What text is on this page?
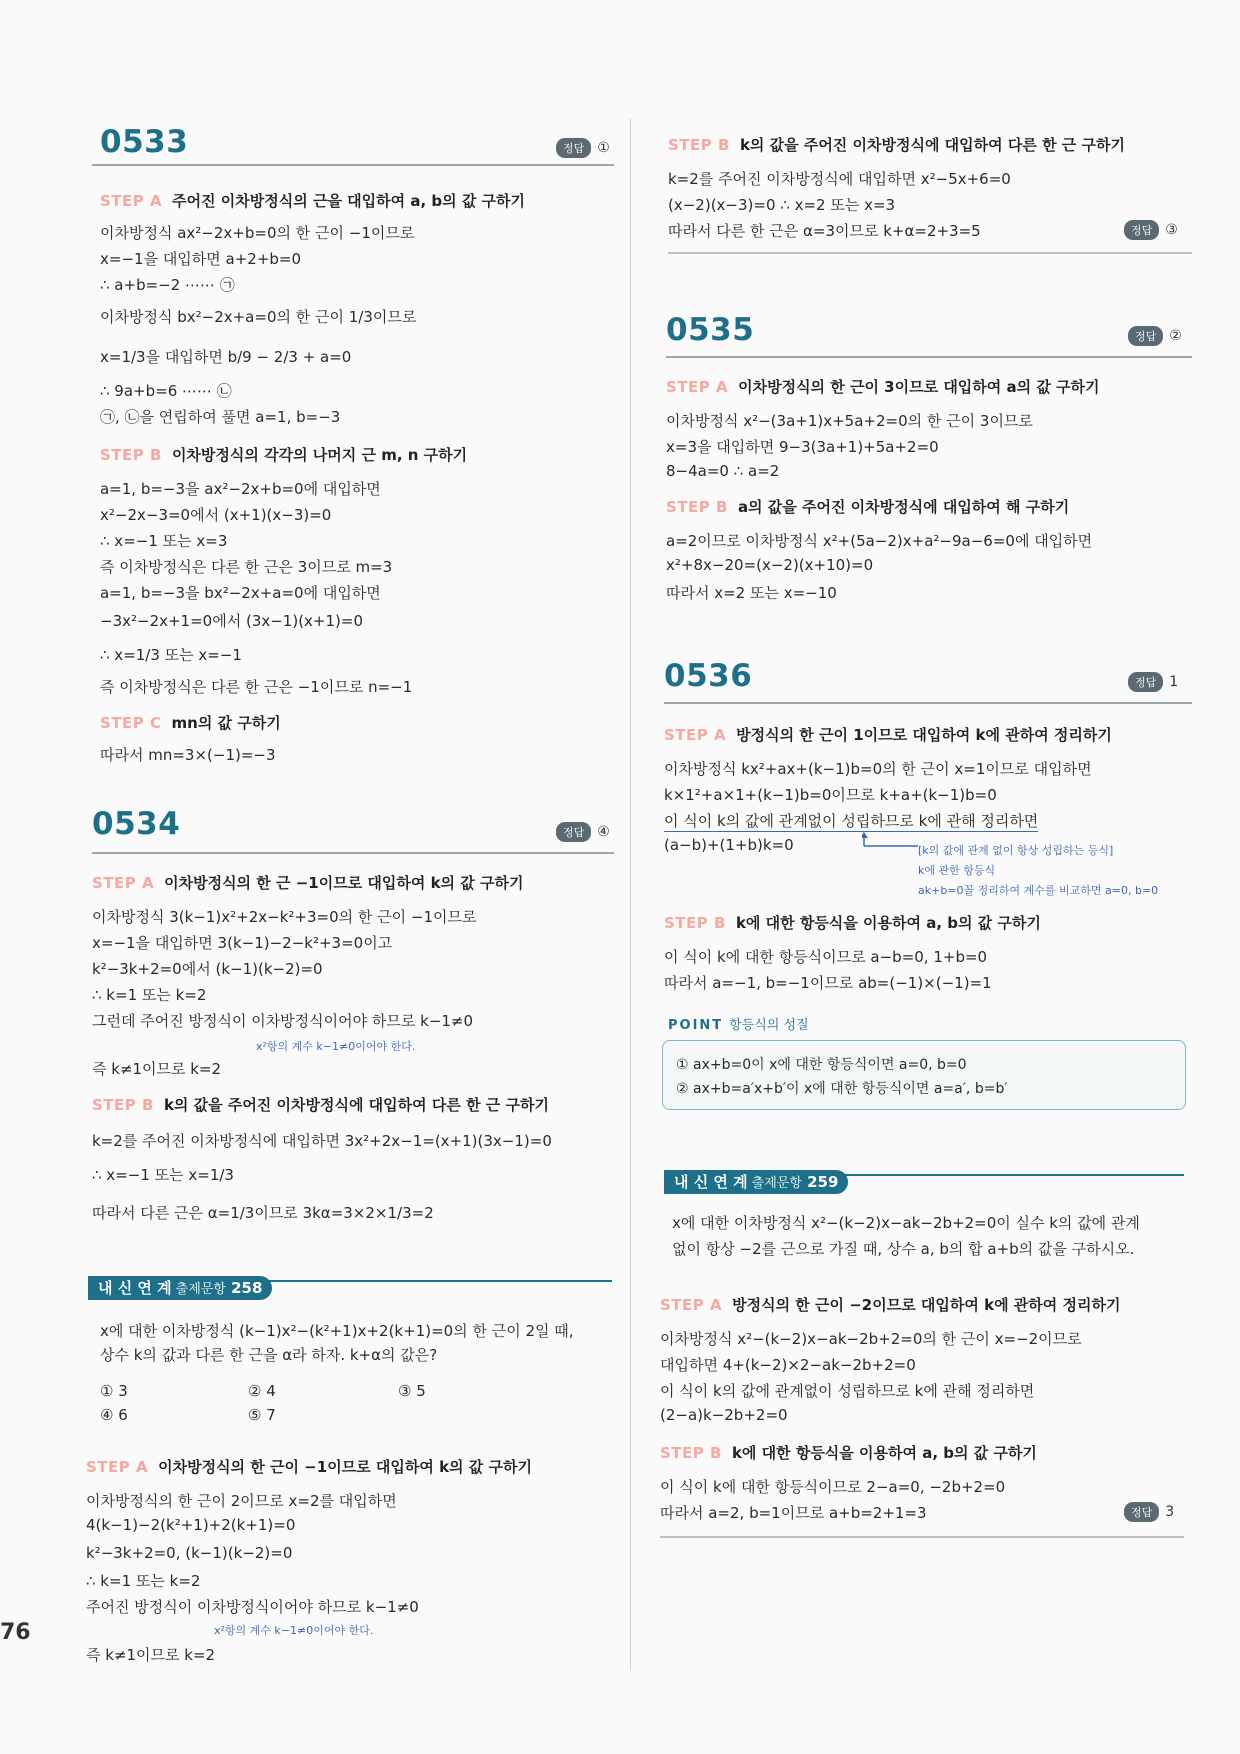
0533	정답 ①
STEP A 주어진 이차방정식의 근을 대입하여 a, b의 값 구하기
이차방정식 ax²−2x+b=0의 한 근이 −1이므로
x=−1을 대입하면 a+2+b=0
∴ a+b=−2 ⋯⋯ ㉠
이차방정식 bx²−2x+a=0의 한 근이 1/3이므로
x=1/3을 대입하면 b/9 − 2/3 + a=0
∴ 9a+b=6 ⋯⋯ ㉡
㉠, ㉡을 연립하여 풀면 a=1, b=−3
STEP B 이차방정식의 각각의 나머지 근 m, n 구하기
a=1, b=−3을 ax²−2x+b=0에 대입하면
x²−2x−3=0에서 (x+1)(x−3)=0
∴ x=−1 또는 x=3
즉 이차방정식은 다른 한 근은 3이므로 m=3
a=1, b=−3을 bx²−2x+a=0에 대입하면
−3x²−2x+1=0에서 (3x−1)(x+1)=0
∴ x=1/3 또는 x=−1
즉 이차방정식은 다른 한 근은 −1이므로 n=−1
STEP C mn의 값 구하기
따라서 mn=3×(−1)=−3
0534	정답 ④
STEP A 이차방정식의 한 근 −1이므로 대입하여 k의 값 구하기
이차방정식 3(k−1)x²+2x−k²+3=0의 한 근이 −1이므로
x=−1을 대입하면 3(k−1)−2−k²+3=0이고
k²−3k+2=0에서 (k−1)(k−2)=0
∴ k=1 또는 k=2
그런데 주어진 방정식이 이차방정식이어야 하므로 k−1≠0
x²항의 계수 k−1≠0이어야 한다.
즉 k≠1이므로 k=2
STEP B k의 값을 주어진 이차방정식에 대입하여 다른 한 근 구하기
k=2를 주어진 이차방정식에 대입하면 3x²+2x−1=(x+1)(3x−1)=0
∴ x=−1 또는 x=1/3
따라서 다른 근은 α=1/3이므로 3kα=3×2×1/3=2
내 신 연 계 출제문항 258
x에 대한 이차방정식 (k−1)x²−(k²+1)x+2(k+1)=0의 한 근이 2일 때,
상수 k의 값과 다른 한 근을 α라 하자. k+α의 값은?
① 3	② 4	③ 5
④ 6	⑤ 7
STEP A 이차방정식의 한 근이 −1이므로 대입하여 k의 값 구하기
이차방정식의 한 근이 2이므로 x=2를 대입하면
4(k−1)−2(k²+1)+2(k+1)=0
k²−3k+2=0, (k−1)(k−2)=0
∴ k=1 또는 k=2
주어진 방정식이 이차방정식이어야 하므로 k−1≠0
x²항의 계수 k−1≠0이어야 한다.
즉 k≠1이므로 k=2
76
STEP B k의 값을 주어진 이차방정식에 대입하여 다른 한 근 구하기
k=2를 주어진 이차방정식에 대입하면 x²−5x+6=0
(x−2)(x−3)=0 ∴ x=2 또는 x=3
따라서 다른 한 근은 α=3이므로 k+α=2+3=5	정답 ③
0535	정답 ②
STEP A 이차방정식의 한 근이 3이므로 대입하여 a의 값 구하기
이차방정식 x²−(3a+1)x+5a+2=0의 한 근이 3이므로
x=3을 대입하면 9−3(3a+1)+5a+2=0
8−4a=0 ∴ a=2
STEP B a의 값을 주어진 이차방정식에 대입하여 해 구하기
a=2이므로 이차방정식 x²+(5a−2)x+a²−9a−6=0에 대입하면
x²+8x−20=(x−2)(x+10)=0
따라서 x=2 또는 x=−10
0536	정답 1
STEP A 방정식의 한 근이 1이므로 대입하여 k에 관하여 정리하기
이차방정식 kx²+ax+(k−1)b=0의 한 근이 x=1이므로 대입하면
k×1²+a×1+(k−1)b=0이므로 k+a+(k−1)b=0
이 식이 k의 값에 관계없이 성립하므로 k에 관해 정리하면
(a−b)+(1+b)k=0	[k의 값에 관계 없이 항상 성립하는 등식]
k에 관한 항등식
ak+b=0꼴 정리하여 계수를 비교하면 a=0, b=0
STEP B k에 대한 항등식을 이용하여 a, b의 값 구하기
이 식이 k에 대한 항등식이므로 a−b=0, 1+b=0
따라서 a=−1, b=−1이므로 ab=(−1)×(−1)=1
POINT 항등식의 성질
① ax+b=0이 x에 대한 항등식이면 a=0, b=0
② ax+b=a′x+b′이 x에 대한 항등식이면 a=a′, b=b′
내 신 연 계 출제문항 259
x에 대한 이차방정식 x²−(k−2)x−ak−2b+2=0이 실수 k의 값에 관계
없이 항상 −2를 근으로 가질 때, 상수 a, b의 합 a+b의 값을 구하시오.
STEP A 방정식의 한 근이 −2이므로 대입하여 k에 관하여 정리하기
이차방정식 x²−(k−2)x−ak−2b+2=0의 한 근이 x=−2이므로
대입하면 4+(k−2)×2−ak−2b+2=0
이 식이 k의 값에 관계없이 성립하므로 k에 관해 정리하면
(2−a)k−2b+2=0
STEP B k에 대한 항등식을 이용하여 a, b의 값 구하기
이 식이 k에 대한 항등식이므로 2−a=0, −2b+2=0
따라서 a=2, b=1이므로 a+b=2+1=3	정답 3
